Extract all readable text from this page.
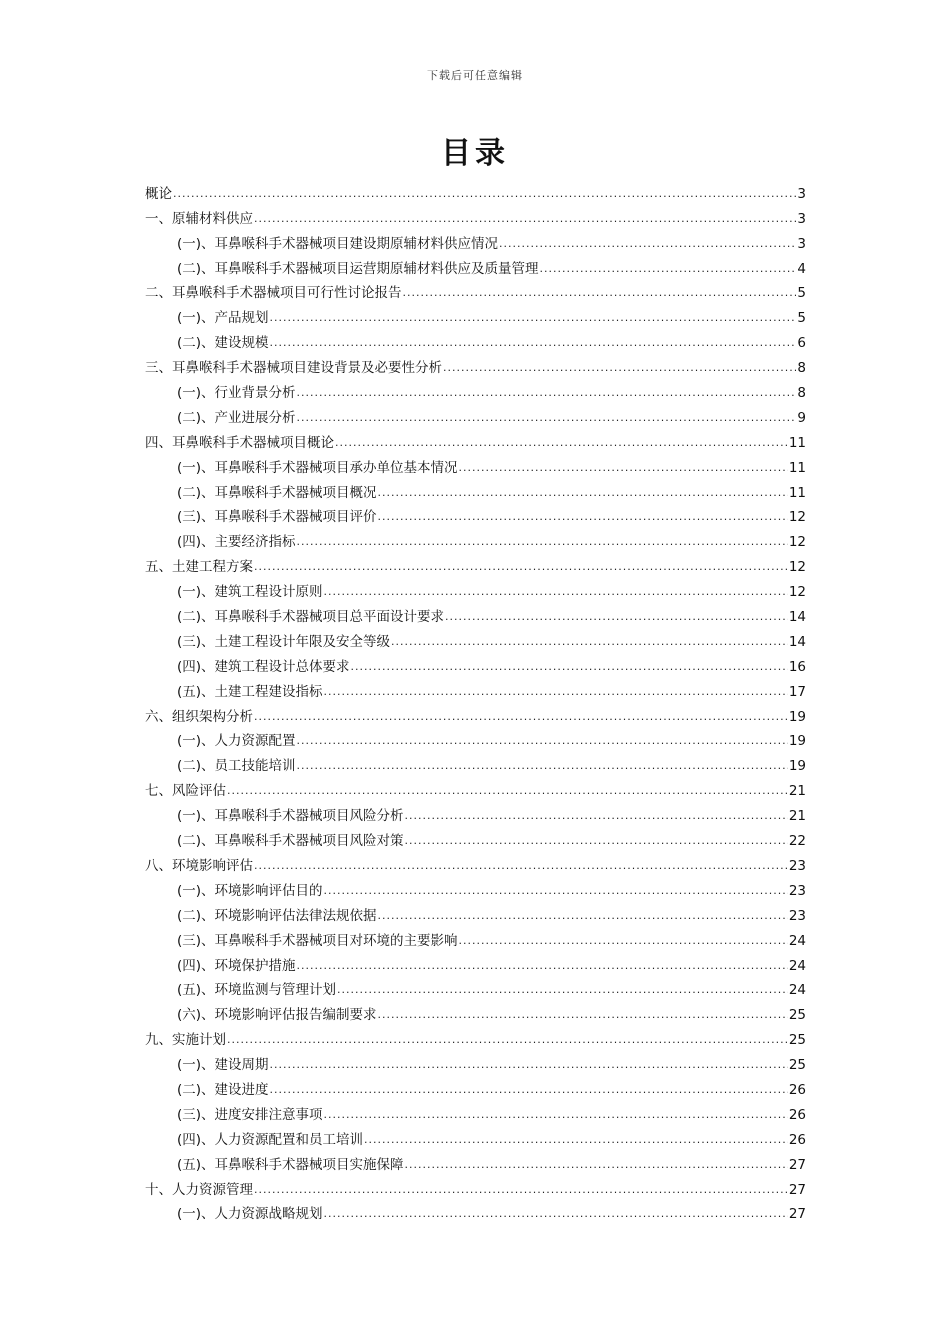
下载后可任意编辑
目录
概论 .....	3
一、原辅材料供应 .....	3
(一)、耳鼻喉科手术器械项目建设期原辅材料供应情况 .....	3
(二)、耳鼻喉科手术器械项目运营期原辅材料供应及质量管理 .....	4
二、耳鼻喉科手术器械项目可行性讨论报告 .....	5
(一)、产品规划 .....	5
(二)、建设规模 .....	6
三、耳鼻喉科手术器械项目建设背景及必要性分析 .....	8
(一)、行业背景分析 .....	8
(二)、产业进展分析 .....	9
四、耳鼻喉科手术器械项目概论 .....	11
(一)、耳鼻喉科手术器械项目承办单位基本情况 .....	11
(二)、耳鼻喉科手术器械项目概况 .....	11
(三)、耳鼻喉科手术器械项目评价 .....	12
(四)、主要经济指标 .....	12
五、土建工程方案 .....	12
(一)、建筑工程设计原则 .....	12
(二)、耳鼻喉科手术器械项目总平面设计要求 .....	14
(三)、土建工程设计年限及安全等级 .....	14
(四)、建筑工程设计总体要求 .....	16
(五)、土建工程建设指标 .....	17
六、组织架构分析 .....	19
(一)、人力资源配置 .....	19
(二)、员工技能培训 .....	19
七、风险评估 .....	21
(一)、耳鼻喉科手术器械项目风险分析 .....	21
(二)、耳鼻喉科手术器械项目风险对策 .....	22
八、环境影响评估 .....	23
(一)、环境影响评估目的 .....	23
(二)、环境影响评估法律法规依据 .....	23
(三)、耳鼻喉科手术器械项目对环境的主要影响 .....	24
(四)、环境保护措施 .....	24
(五)、环境监测与管理计划 .....	24
(六)、环境影响评估报告编制要求 .....	25
九、实施计划 .....	25
(一)、建设周期 .....	25
(二)、建设进度 .....	26
(三)、进度安排注意事项 .....	26
(四)、人力资源配置和员工培训 .....	26
(五)、耳鼻喉科手术器械项目实施保障 .....	27
十、人力资源管理 .....	27
(一)、人力资源战略规划 .....	27
